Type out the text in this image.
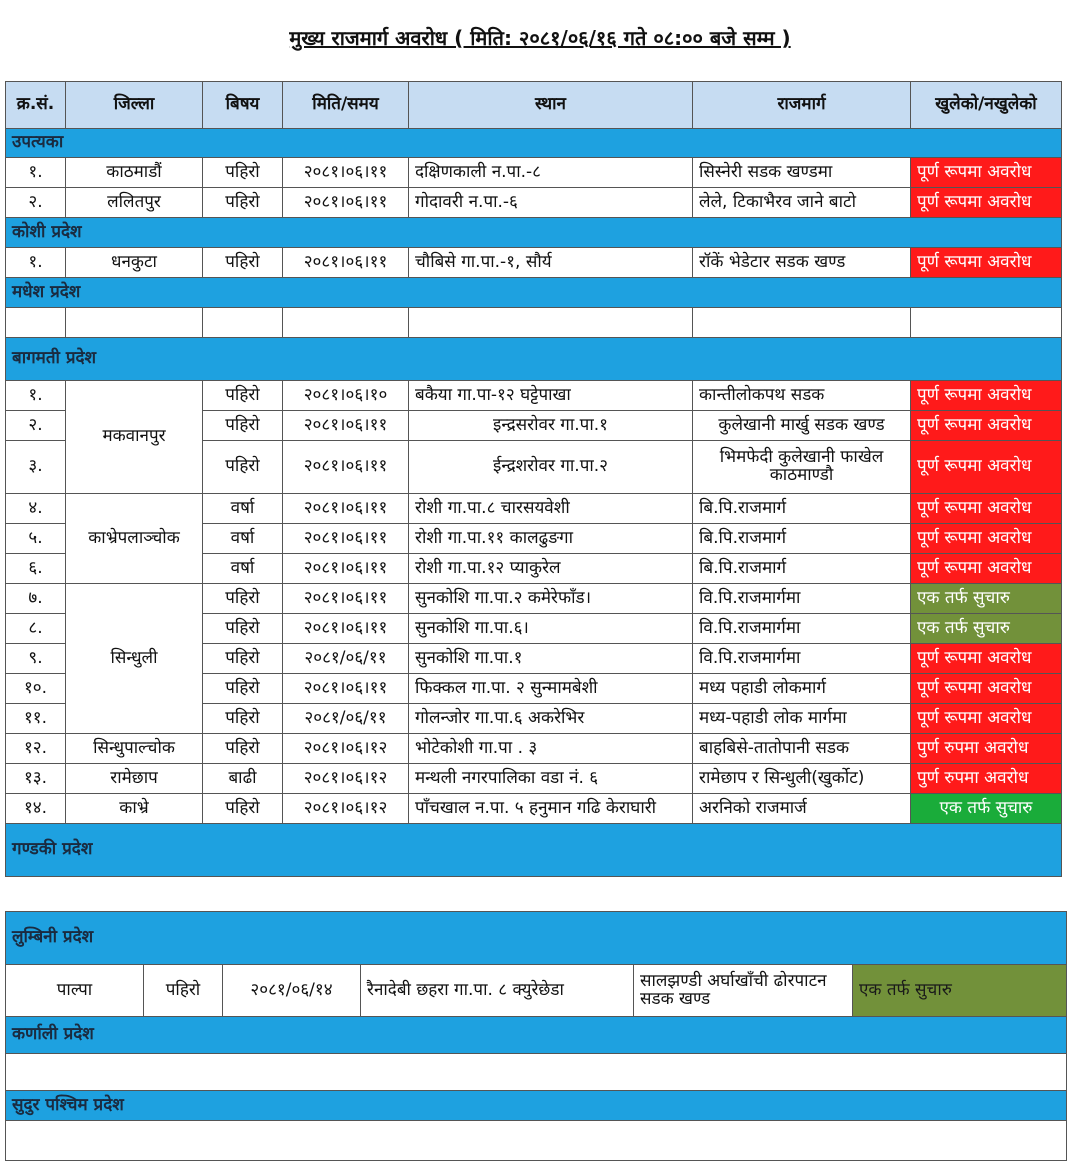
मुख्य राजमार्ग अवरोध ( मिति: २०८१/०६/१६ गते ०८:०० बजे सम्म )
क्र.सं.	जिल्ला	बिषय	मिति/समय	स्थान	राजमार्ग	खुलेको/नखुलेको
उपत्यका						
१.	काठमाडौं	पहिरो	२०८१।०६।११	दक्षिणकाली न.पा.-८	सिस्नेरी सडक खण्डमा	पूर्ण रूपमा अवरोध
२.	ललितपुर	पहिरो	२०८१।०६।११	गोदावरी न.पा.-६	लेले, टिकाभैरव जाने बाटो	पूर्ण रूपमा अवरोध
कोशी प्रदेश						
१.	धनकुटा	पहिरो	२०८१।०६।११	चौबिसे गा.पा.-१, सौर्य	रॉकें भेडेटार सडक खण्ड	पूर्ण रूपमा अवरोध
मधेश प्रदेश						

बागमती प्रदेश						
१.	मकवानपुर	पहिरो	२०८१।०६।१०	बकैया गा.पा-१२ घट्टेपाखा	कान्तीलोकपथ सडक	पूर्ण रूपमा अवरोध
२.		पहिरो	२०८१।०६।११	इन्द्रसरोवर गा.पा.१	कुलेखानी मार्खु सडक खण्ड	पूर्ण रूपमा अवरोध
३.		पहिरो	२०८१।०६।११	ईन्द्रशरोवर गा.पा.२	भिमफेदी कुलेखानी फाखेल काठमाण्डौ	पूर्ण रूपमा अवरोध
४.	काभ्रेपलाञ्चोक	वर्षा	२०८१।०६।११	रोशी गा.पा.८ चारसयवेशी	बि.पि.राजमार्ग	पूर्ण रूपमा अवरोध
५.		वर्षा	२०८१।०६।११	रोशी गा.पा.११ कालढुङगा	बि.पि.राजमार्ग	पूर्ण रूपमा अवरोध
६.		वर्षा	२०८१।०६।११	रोशी गा.पा.१२ प्याकुरेल	बि.पि.राजमार्ग	पूर्ण रूपमा अवरोध
७.	सिन्धुली	पहिरो	२०८१।०६।११	सुनकोशि गा.पा.२ कमेरेफाँड।	वि.पि.राजमार्गमा	एक तर्फ सुचारु
८.		पहिरो	२०८१।०६।११	सुनकोशि गा.पा.६।	वि.पि.राजमार्गमा	एक तर्फ सुचारु
९.		पहिरो	२०८१/०६/११	सुनकोशि गा.पा.१	वि.पि.राजमार्गमा	पूर्ण रूपमा अवरोध
१०.		पहिरो	२०८१।०६।११	फिक्कल गा.पा. २ सुन्मामबेशी	मध्य पहाडी लोकमार्ग	पूर्ण रूपमा अवरोध
११.		पहिरो	२०८१/०६/११	गोलन्जोर गा.पा.६ अकरेभिर	मध्य-पहाडी लोक मार्गमा	पूर्ण रूपमा अवरोध
१२.	सिन्धुपाल्चोक	पहिरो	२०८१।०६।१२	भोटेकोशी गा.पा . ३	बाहबिसे-तातोपानी सडक	पुर्ण रुपमा अवरोध
१३.	रामेछाप	बाढी	२०८१।०६।१२	मन्थली नगरपालिका वडा नं. ६	रामेछाप र सिन्धुली(खुर्कोट)	पुर्ण रुपमा अवरोध
१४.	काभ्रे	पहिरो	२०८१।०६।१२	पाँचखाल न.पा. ५ हनुमान गढि केराघारी	अरनिको राजमार्ज	एक तर्फ सुचारु
गण्डकी प्रदेश						
लुम्बिनी प्रदेश
पाल्पा	पहिरो	२०८१/०६/१४	रैनादेबी छहरा गा.पा. ८ क्युरेछेडा	सालझण्डी अर्घाखाँची ढोरपाटन सडक खण्ड	एक तर्फ सुचारु
कर्णाली प्रदेश

सुदुर पश्चिम प्रदेश
